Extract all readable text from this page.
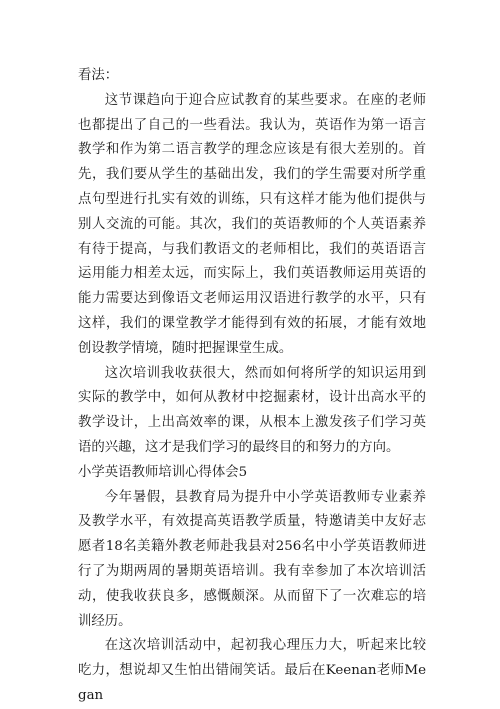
看法：

这节课趋向于迎合应试教育的某些要求。在座的老师也都提出了自己的一些看法。我认为，英语作为第一语言教学和作为第二语言教学的理念应该是有很大差别的。首先，我们要从学生的基础出发，我们的学生需要对所学重点句型进行扎实有效的训练，只有这样才能为他们提供与别人交流的可能。其次，我们的英语教师的个人英语素养有待于提高，与我们教语文的老师相比，我们的英语语言运用能力相差太远，而实际上，我们英语教师运用英语的能力需要达到像语文老师运用汉语进行教学的水平，只有这样，我们的课堂教学才能得到有效的拓展，才能有效地创设教学情境，随时把握课堂生成。

这次培训我收获很大，然而如何将所学的知识运用到实际的教学中，如何从教材中挖掘素材，设计出高水平的教学设计，上出高效率的课，从根本上激发孩子们学习英语的兴趣，这才是我们学习的最终目的和努力的方向。

小学英语教师培训心得体会5

今年暑假，县教育局为提升中小学英语教师专业素养及教学水平，有效提高英语教学质量，特邀请美中友好志愿者18名美籍外教老师赴我县对256名中小学英语教师进行了为期两周的暑期英语培训。我有幸参加了本次培训活动，使我收获良多，感慨颇深。从而留下了一次难忘的培训经历。

在这次培训活动中，起初我心理压力大，听起来比较吃力，想说却又生怕出错闹笑话。最后在Keenan老师Megan
